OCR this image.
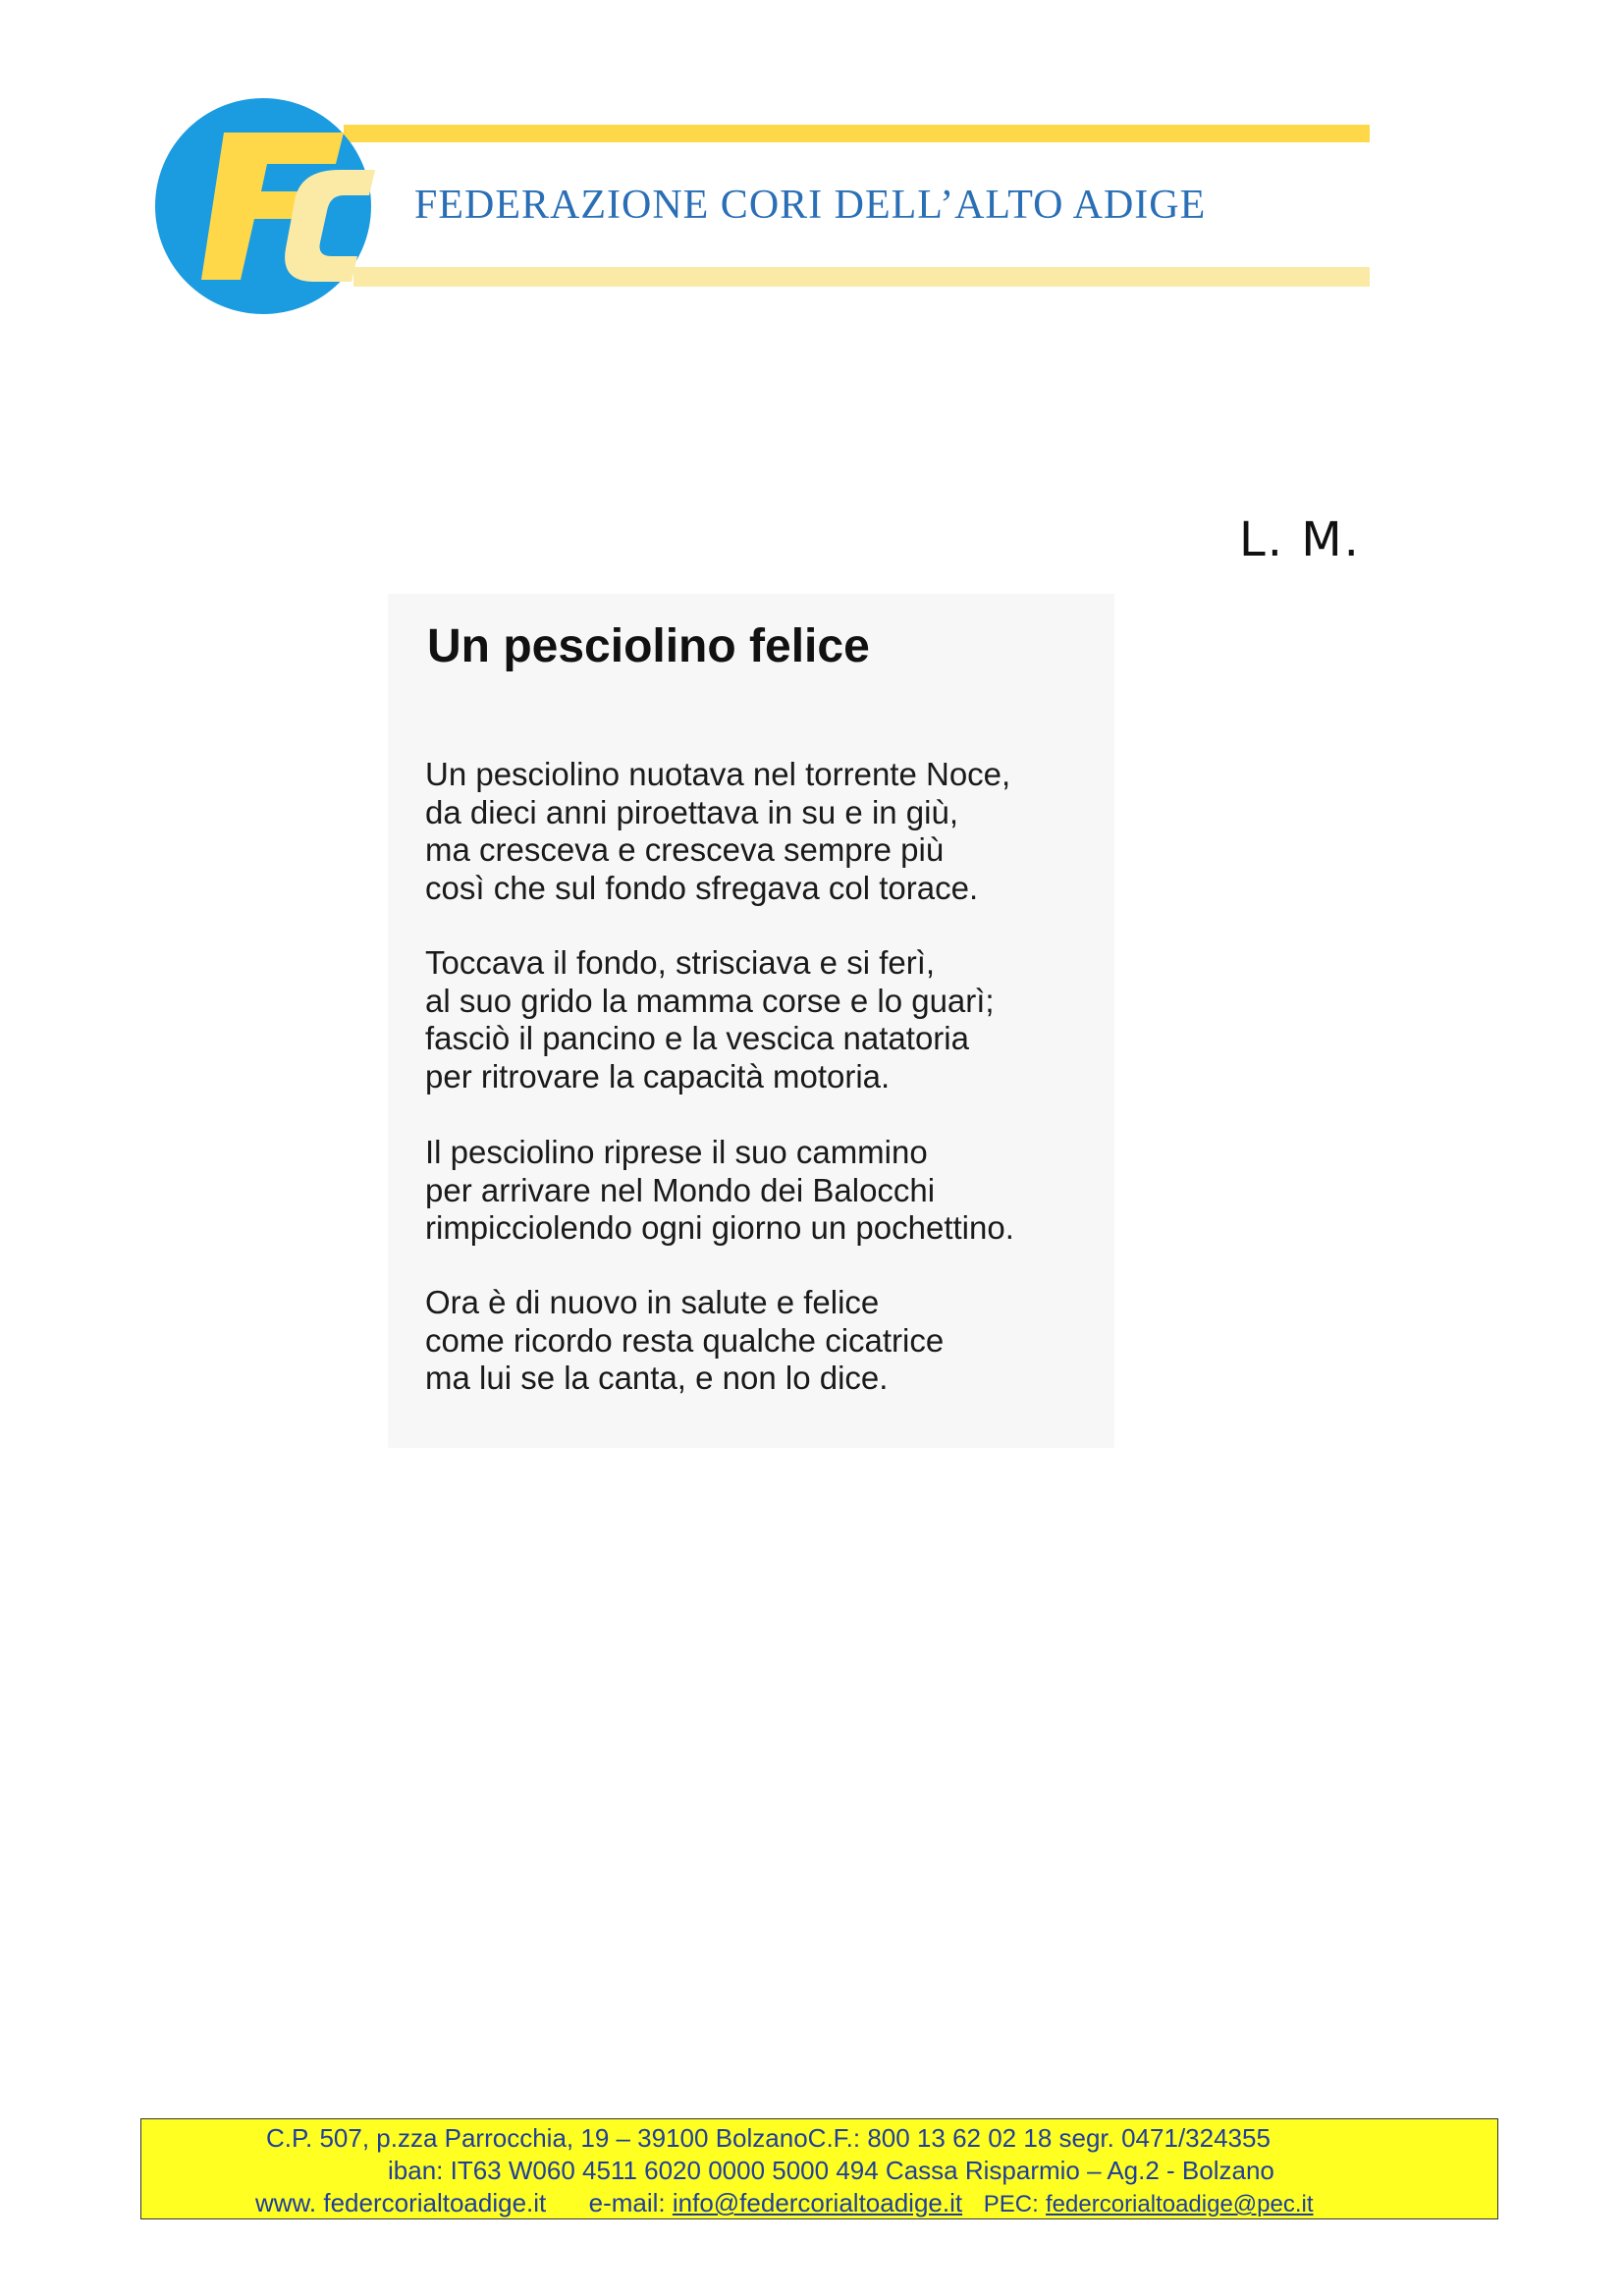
FEDERAZIONE CORI DELL’ALTO ADIGE
L. M.
Un pesciolino felice
Un pesciolino nuotava nel torrente Noce,
da dieci anni piroettava in su e in giù,
ma cresceva e cresceva sempre più
così che sul fondo sfregava col torace.
Toccava il fondo, strisciava e si ferì,
al suo grido la mamma corse e lo guarì;
fasciò il pancino e la vescica natatoria
per ritrovare la capacità motoria.
Il pesciolino riprese il suo cammino
per arrivare nel Mondo dei Balocchi
rimpicciolendo ogni giorno un pochettino.
Ora è di nuovo in salute e felice
come ricordo resta qualche cicatrice
ma lui se la canta, e non lo dice.
C.P. 507, p.zza Parrocchia, 19 – 39100 BolzanoC.F.: 800 13 62 02 18 segr. 0471/324355
iban: IT63 W060 4511 6020 0000 5000 494 Cassa Risparmio – Ag.2 - Bolzano
www. federcorialtoadige.it e-mail: info@federcorialtoadige.it PEC: federcorialtoadige@pec.it
